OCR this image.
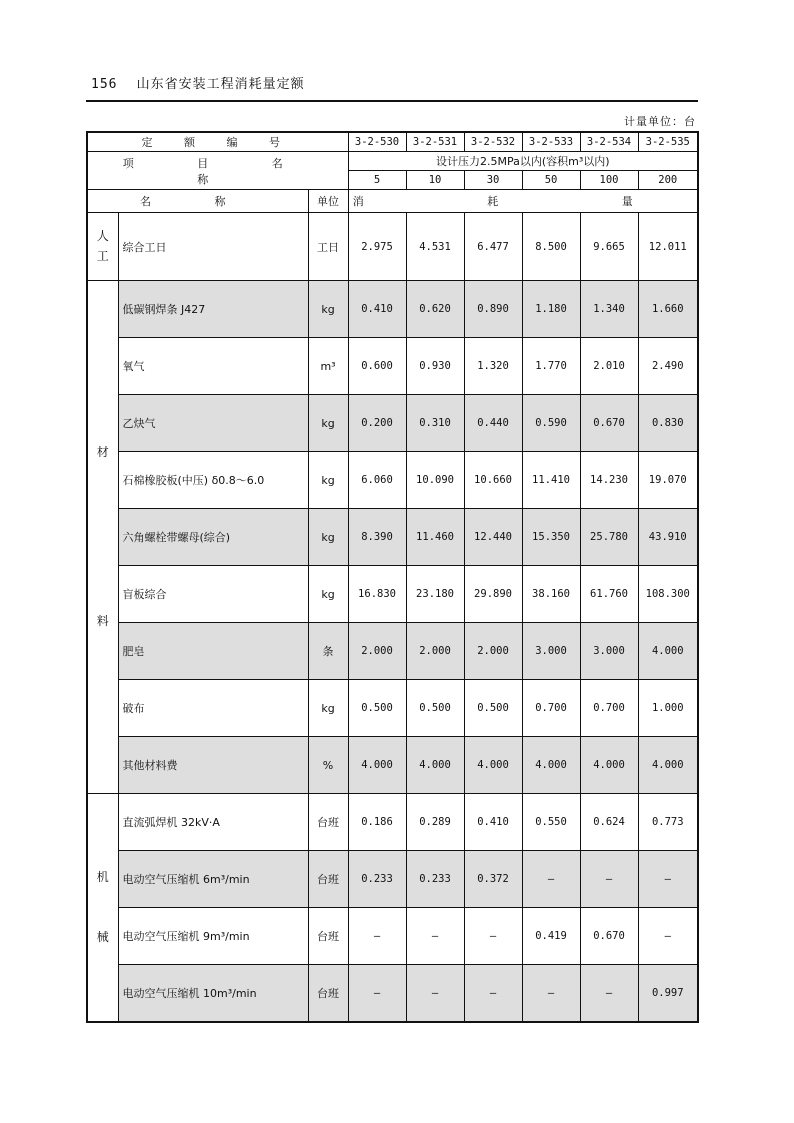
156 山东省安装工程消耗量定额
计量单位：台
定 额 编 号			3-2-530	3-2-531	3-2-532	3-2-533	3-2-534	3-2-535
项 目 名 称			设计压力2.5MPa以内(容积m³以内)					
			5	10	30	50	100	200
名 称		单位	消 耗 量					
人工	综合工日	工日	2.975	4.531	6.477	8.500	9.665	12.011

材
料	低碳钢焊条 J427	kg	0.410	0.620	0.890	1.180	1.340	1.660
	氧气	m³	0.600	0.930	1.320	1.770	2.010	2.490
	乙炔气	kg	0.200	0.310	0.440	0.590	0.670	0.830
	石棉橡胶板(中压) δ0.8～6.0	kg	6.060	10.090	10.660	11.410	14.230	19.070
	六角螺栓带螺母(综合)	kg	8.390	11.460	12.440	15.350	25.780	43.910
	盲板综合	kg	16.830	23.180	29.890	38.160	61.760	108.300
	肥皂	条	2.000	2.000	2.000	3.000	3.000	4.000
	破布	kg	0.500	0.500	0.500	0.700	0.700	1.000
	其他材料费	%	4.000	4.000	4.000	4.000	4.000	4.000

机
械	直流弧焊机 32kV·A	台班	0.186	0.289	0.410	0.550	0.624	0.773
	电动空气压缩机 6m³/min	台班	0.233	0.233	0.372	—	—	—
	电动空气压缩机 9m³/min	台班	—	—	—	0.419	0.670	—
	电动空气压缩机 10m³/min	台班	—	—	—	—	—	0.997
